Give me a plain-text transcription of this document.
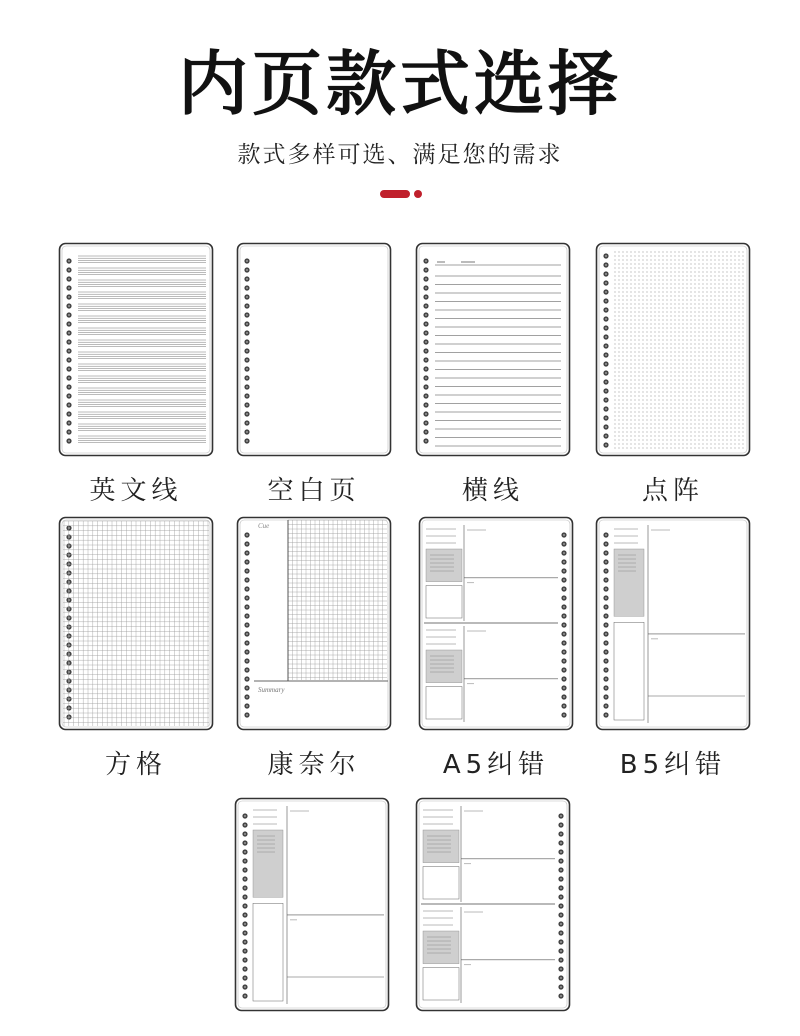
内页款式选择
款式多样可选、满足您的需求
英文线	空白页	横线	点阵
Cue
Summary
方格	康奈尔	A5纠错	B5纠错
